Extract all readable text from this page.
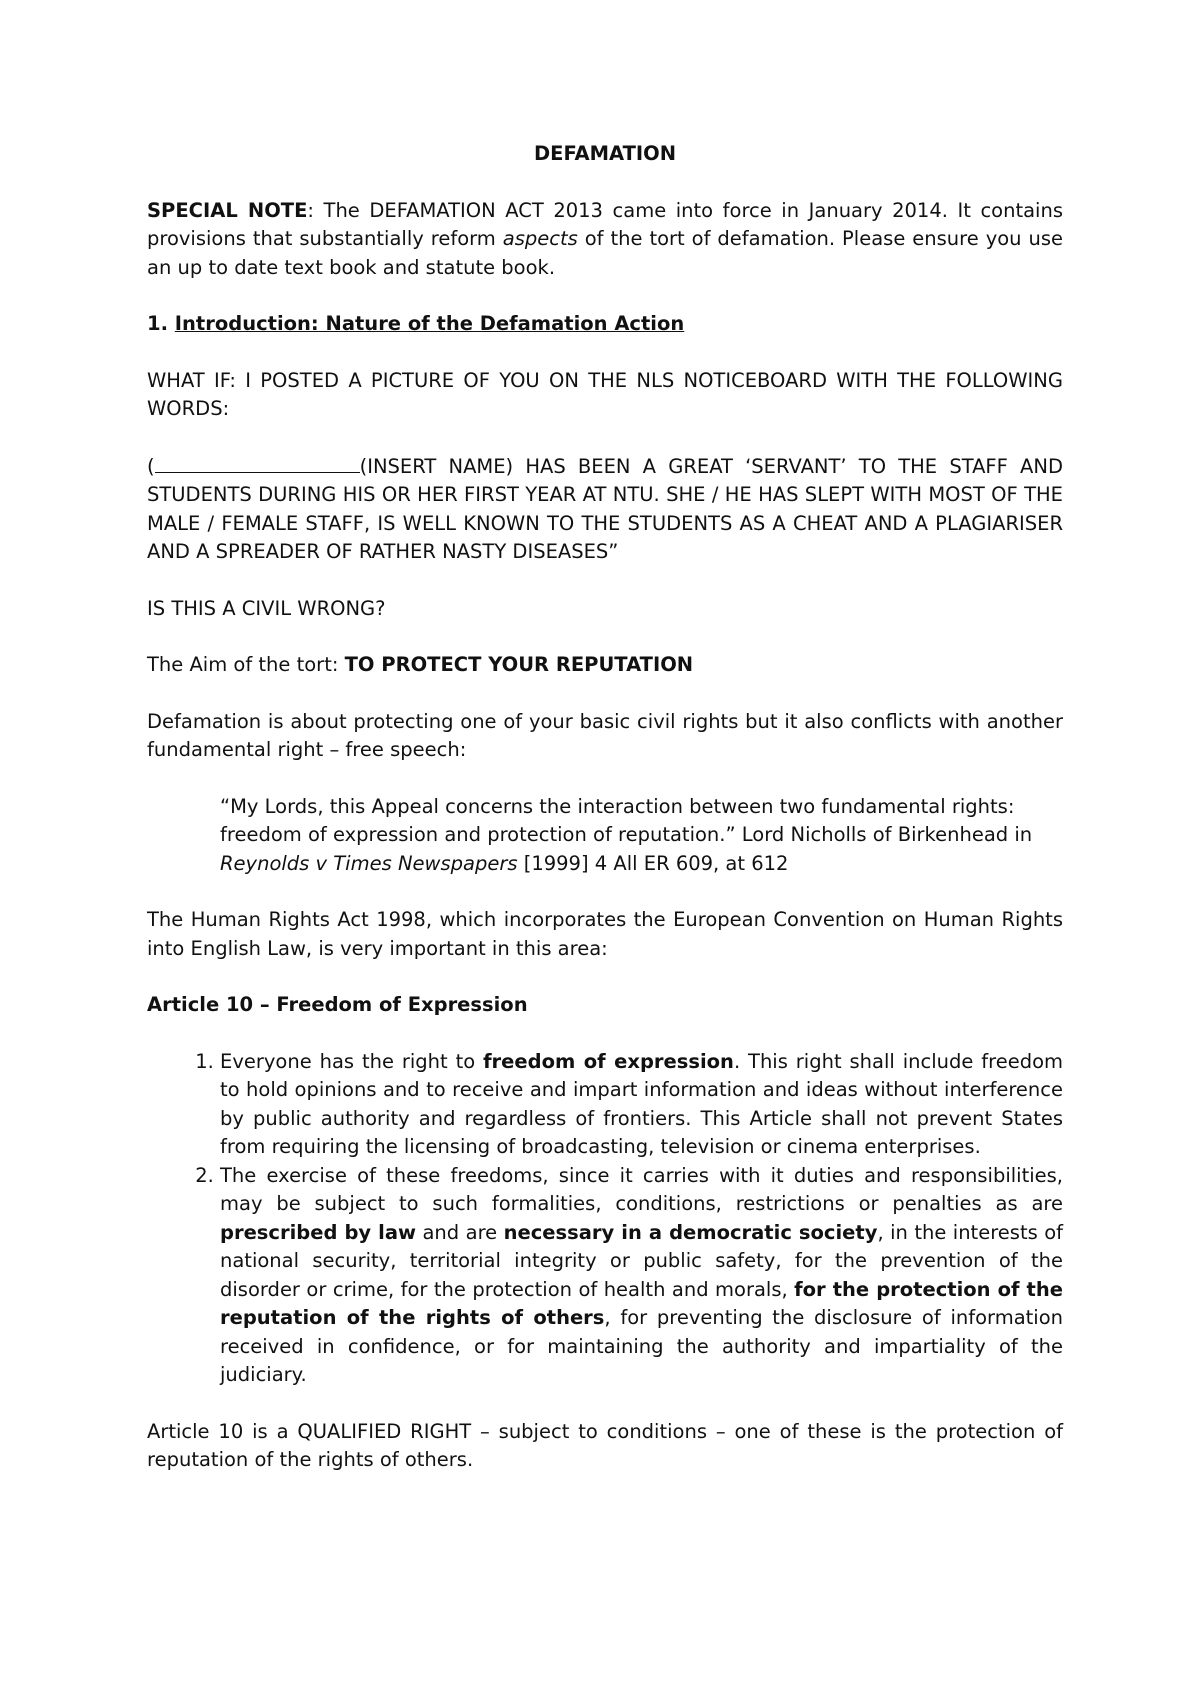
DEFAMATION

SPECIAL NOTE: The DEFAMATION ACT 2013 came into force in January 2014. It contains provisions that substantially reform aspects of the tort of defamation. Please ensure you use an up to date text book and statute book.

1. Introduction: Nature of the Defamation Action

WHAT IF: I POSTED A PICTURE OF YOU ON THE NLS NOTICEBOARD WITH THE FOLLOWING WORDS:

(	(INSERT NAME) HAS BEEN A GREAT ‘SERVANT’ TO THE STAFF AND STUDENTS DURING HIS OR HER FIRST YEAR AT NTU. SHE / HE HAS SLEPT WITH MOST OF THE MALE / FEMALE STAFF, IS WELL KNOWN TO THE STUDENTS AS A CHEAT AND A PLAGIARISER AND A SPREADER OF RATHER NASTY DISEASES”

IS THIS A CIVIL WRONG?

The Aim of the tort: TO PROTECT YOUR REPUTATION

Defamation is about protecting one of your basic civil rights but it also conflicts with another fundamental right – free speech:

“My Lords, this Appeal concerns the interaction between two fundamental rights: freedom of expression and protection of reputation.” Lord Nicholls of Birkenhead in Reynolds v Times Newspapers [1999] 4 All ER 609, at 612

The Human Rights Act 1998, which incorporates the European Convention on Human Rights into English Law, is very important in this area:

Article 10 – Freedom of Expression

1. Everyone has the right to freedom of expression. This right shall include freedom to hold opinions and to receive and impart information and ideas without interference by public authority and regardless of frontiers. This Article shall not prevent States from requiring the licensing of broadcasting, television or cinema enterprises.
2. The exercise of these freedoms, since it carries with it duties and responsibilities, may be subject to such formalities, conditions, restrictions or penalties as are prescribed by law and are necessary in a democratic society, in the interests of national security, territorial integrity or public safety, for the prevention of the disorder or crime, for the protection of health and morals, for the protection of the reputation of the rights of others, for preventing the disclosure of information received in confidence, or for maintaining the authority and impartiality of the judiciary.

Article 10 is a QUALIFIED RIGHT – subject to conditions – one of these is the protection of reputation of the rights of others.
